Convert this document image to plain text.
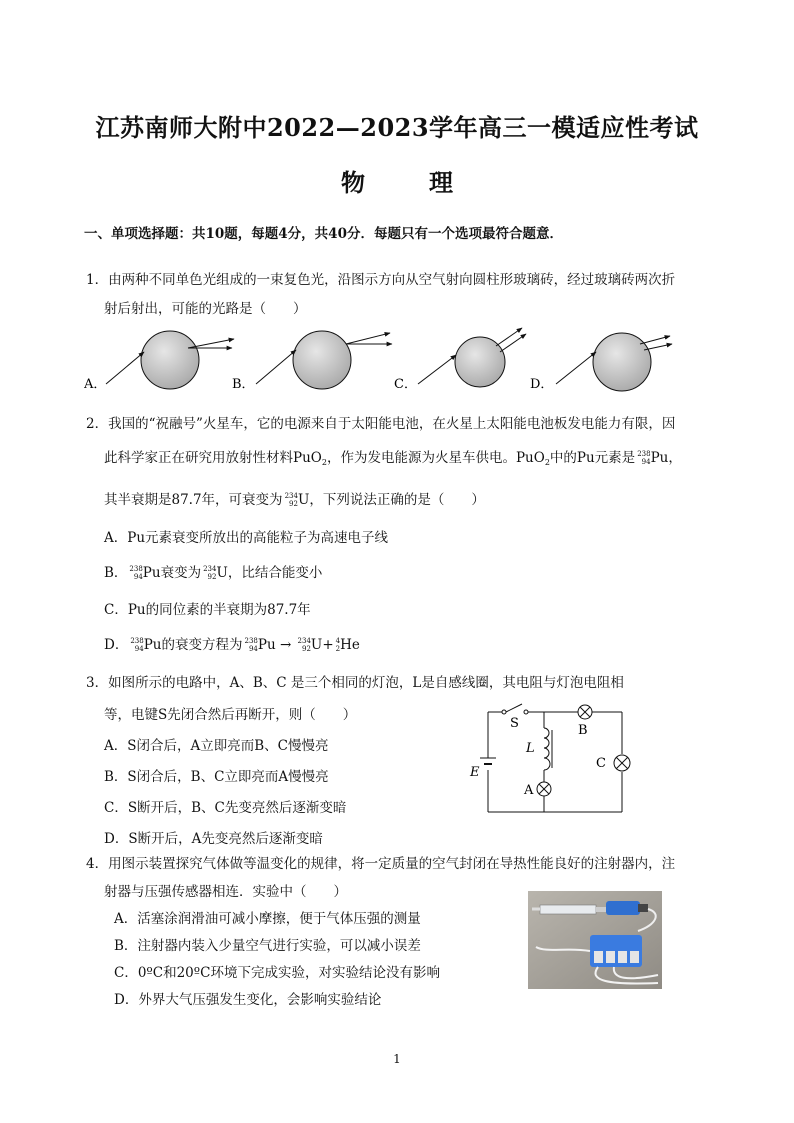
江苏南师大附中2022—2023学年高三一模适应性考试
物　理
一、单项选择题：共10题，每题4分，共40分．每题只有一个选项最符合题意．
1．由两种不同单色光组成的一束复色光，沿图示方向从空气射向圆柱形玻璃砖，经过玻璃砖两次折
射后射出，可能的光路是（　　）
A．	B．	C．	D．
2．我国的“祝融号”火星车，它的电源来自于太阳能电池，在火星上太阳能电池板发电能力有限，因
此科学家正在研究用放射性材料PuO$_2$，作为发电能源为火星车供电。PuO$_2$中的Pu元素是 238
94 Pu，
其半衰期是87.7年，可衰变为 234
92 U，下列说法正确的是（　　）
A．Pu元素衰变所放出的高能粒子为高速电子线
B． 238
94 Pu衰变为 234
92 U，比结合能变小
C．Pu的同位素的半衰期为87.7年
D． 238
94 Pu的衰变方程为 238
94 Pu → 234
92 U+ 4
2 He
3．如图所示的电路中，A、B、C 是三个相同的灯泡，L是自感线圈，其电阻与灯泡电阻相
等，电键S先闭合然后再断开，则（　　）
A．S闭合后，A立即亮而B、C慢慢亮
B．S闭合后，B、C立即亮而A慢慢亮
C．S断开后，B、C先变亮然后逐渐变暗
D．S断开后，A先变亮然后逐渐变暗
S
L
E
B
C
A
4．用图示装置探究气体做等温变化的规律，将一定质量的空气封闭在导热性能良好的注射器内，注
射器与压强传感器相连．实验中（　　）
A．活塞涂润滑油可减小摩擦，便于气体压强的测量
B．注射器内装入少量空气进行实验，可以减小误差
C．0ºC和20ºC环境下完成实验，对实验结论没有影响
D．外界大气压强发生变化，会影响实验结论
1
